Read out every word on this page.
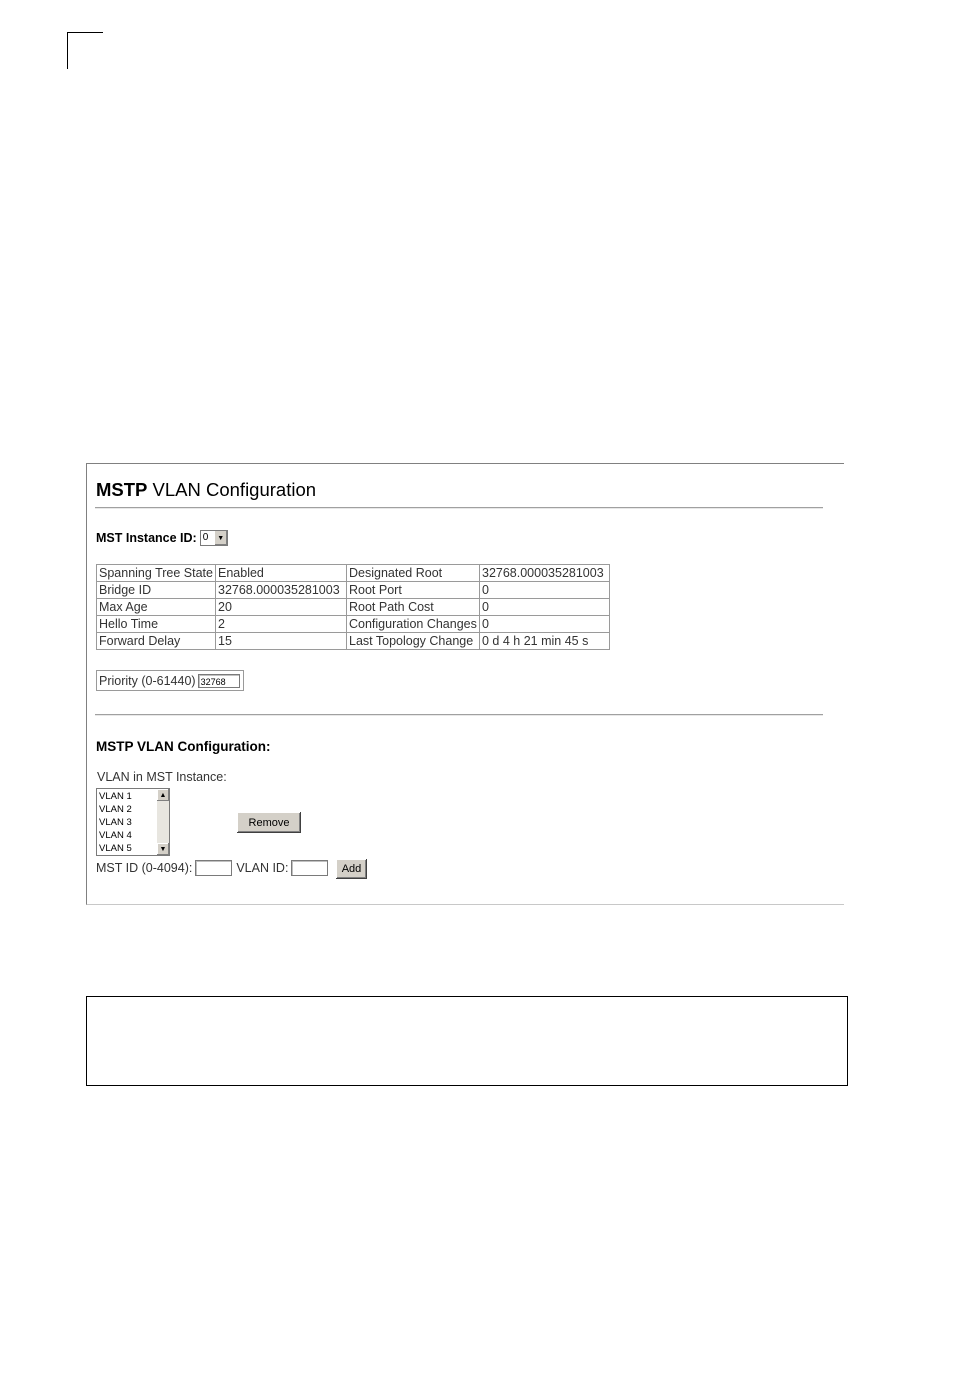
MSTP VLAN Configuration
MST Instance ID: 0	▼
Spanning Tree State	Enabled	Designated Root	32768.000035281003
Bridge ID	32768.000035281003	Root Port	0
Max Age	20	Root Path Cost	0
Hello Time	2	Configuration Changes	0
Forward Delay	15	Last Topology Change	0 d 4 h 21 min 45 s
Priority (0-61440) 32768
MSTP VLAN Configuration:
VLAN in MST Instance:
VLAN 1
VLAN 2
VLAN 3
VLAN 4
VLAN 5
▲
▼
Remove
MST ID (0-4094):	VLAN ID:	Add
